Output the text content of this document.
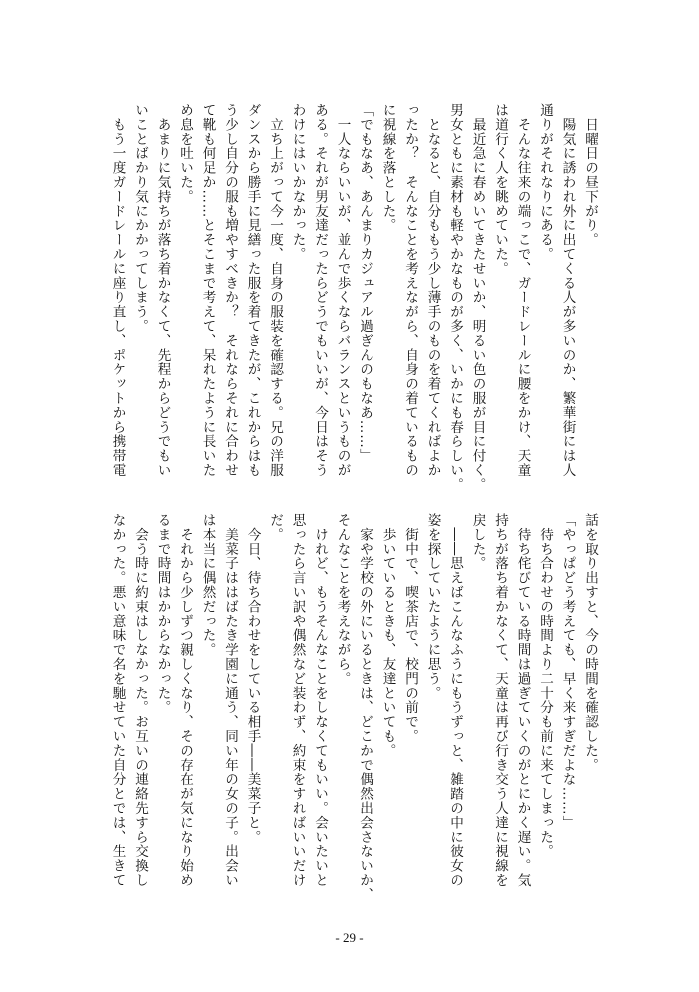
　日曜日の昼下がり。
　陽気に誘われ外に出てくる人が多いのか、繁華街には人
通りがそれなりにある。
　そんな往来の端っこで、ガードレールに腰をかけ、天童
は道行く人を眺めていた。
　最近急に春めいてきたせいか、明るい色の服が目に付く。
男女ともに素材も軽やかなものが多く、いかにも春らしい。
　となると、自分ももう少し薄手のものを着てくればよか
ったか？　そんなことを考えながら、自身の着ているもの
に視線を落とした。
「でもなあ、あんまりカジュアル過ぎんのもなあ……」
　一人ならいいが、並んで歩くならバランスというものが
ある。それが男友達だったらどうでもいいが、今日はそう
わけにはいかなかった。
　立ち上がって今一度、自身の服装を確認する。兄の洋服
ダンスから勝手に見繕った服を着てきたが、これからはも
う少し自分の服も増やすべきか？　それならそれに合わせ
て靴も何足か……とそこまで考えて、呆れたように長いた
め息を吐いた。
　あまりに気持ちが落ち着かなくて、先程からどうでもい
いことばかり気にかかってしまう。
　もう一度ガードレールに座り直し、ポケットから携帯電
話を取り出すと、今の時間を確認した。
「やっぱどう考えても、早く来すぎだよな……」
　待ち合わせの時間より二十分も前に来てしまった。
　待ち侘びている時間は過ぎていくのがとにかく遅い。気
持ちが落ち着かなくて、天童は再び行き交う人達に視線を
戻した。
　――思えばこんなふうにもうずっと、雑踏の中に彼女の
姿を探していたように思う。
　街中で、喫茶店で、校門の前で。
　歩いているときも、友達といても。
　家や学校の外にいるときは、どこかで偶然出会さないか、
そんなことを考えながら。
　けれど、もうそんなことをしなくてもいい。会いたいと
思ったら言い訳や偶然など装わず、約束をすればいいだけ
だ。
　今日、待ち合わせをしている相手――美菜子と。
　美菜子ははばたき学園に通う、同い年の女の子。出会い
は本当に偶然だった。
　それから少しずつ親しくなり、その存在が気になり始め
るまで時間はかからなかった。
　会う時に約束はしなかった。お互いの連絡先すら交換し
なかった。悪い意味で名を馳せていた自分とでは、生きて
- 29 -
